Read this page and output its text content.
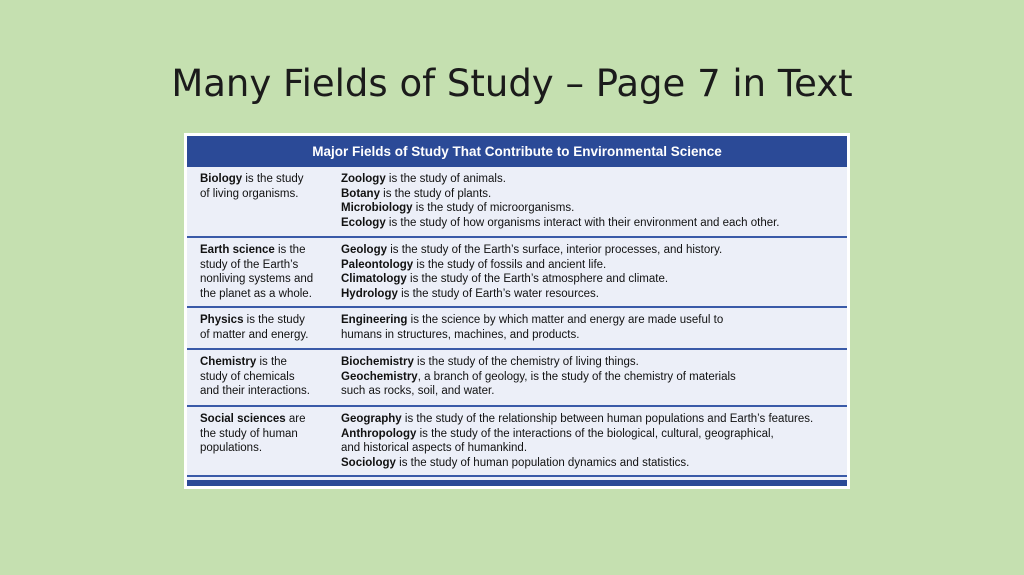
Many Fields of Study – Page 7 in Text
Major Fields of Study That Contribute to Environmental Science
Biology is the study
of living organisms.
Zoology is the study of animals.
Botany is the study of plants.
Microbiology is the study of microorganisms.
Ecology is the study of how organisms interact with their environment and each other.
Earth science is the
study of the Earth’s
nonliving systems and
the planet as a whole.
Geology is the study of the Earth’s surface, interior processes, and history.
Paleontology is the study of fossils and ancient life.
Climatology is the study of the Earth’s atmosphere and climate.
Hydrology is the study of Earth’s water resources.
Physics is the study
of matter and energy.
Engineering is the science by which matter and energy are made useful to
humans in structures, machines, and products.
Chemistry is the
study of chemicals
and their interactions.
Biochemistry is the study of the chemistry of living things.
Geochemistry, a branch of geology, is the study of the chemistry of materials
such as rocks, soil, and water.
Social sciences are
the study of human
populations.
Geography is the study of the relationship between human populations and Earth’s features.
Anthropology is the study of the interactions of the biological, cultural, geographical,
and historical aspects of humankind.
Sociology is the study of human population dynamics and statistics.
